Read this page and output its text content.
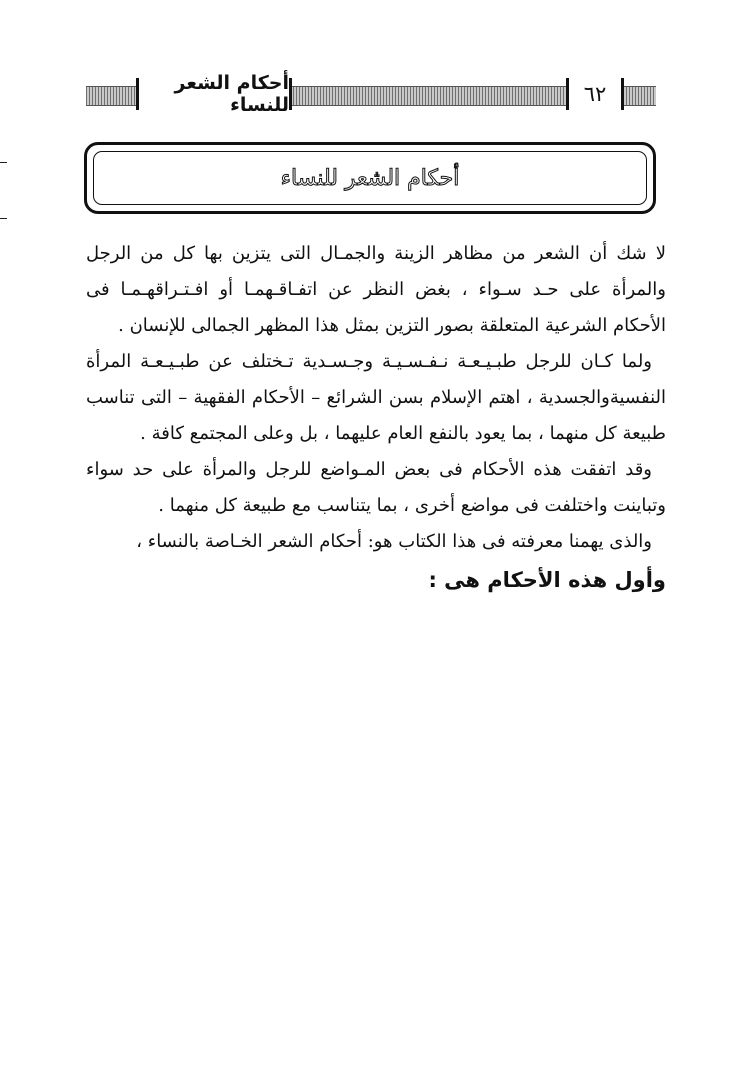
أحكام الشعر للنساء	٦٢
أحكام الشعر للنساء

لا شك أن الشعر من مظاهر الزينة والجمـال التى يتزين بها كل من الرجل والمرأة على حـد سـواء ، بغض النظر عن اتفـاقـهمـا أو افـتـراقهـمـا فى الأحكام الشرعية المتعلقة بصور التزين بمثل هذا المظهر الجمالى للإنسان .

ولما كـان للرجل طبـيـعـة نـفـسـيـة وجـسـدية تـختلف عن طبـيـعـة المرأة النفسيةوالجسدية ، اهتم الإسلام بسن الشرائع – الأحكام الفقهية – التى تناسب طبيعة كل منهما ، بما يعود بالنفع العام عليهما ، بل وعلى المجتمع كافة .

وقد اتفقت هذه الأحكام فى بعض المـواضع للرجل والمرأة على حد سواء وتباينت واختلفت فى مواضع أخرى ، بما يتناسب مع طبيعة كل منهما .

والذى يهمنا معرفته فى هذا الكتاب هو: أحكام الشعر الخـاصة بالنساء ،

وأول هذه الأحكام هى :
